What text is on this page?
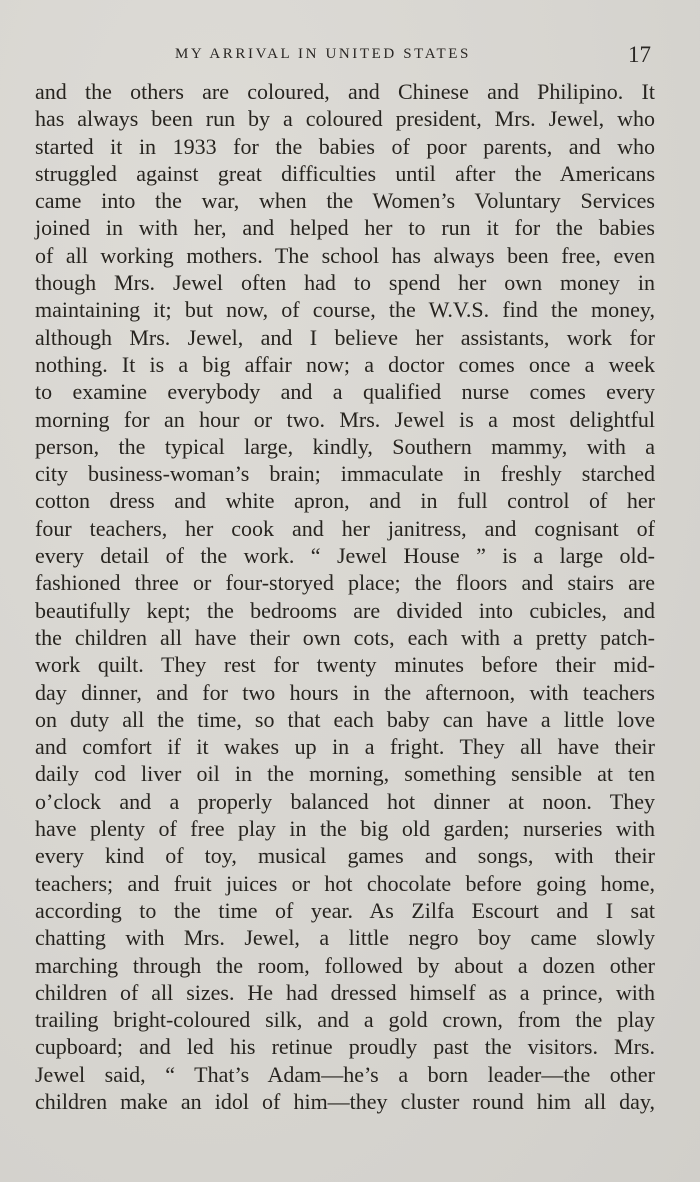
MY ARRIVAL IN UNITED STATES	17
and the others are coloured, and Chinese and Philipino. It
has always been run by a coloured president, Mrs. Jewel, who
started it in 1933 for the babies of poor parents, and who
struggled against great difficulties until after the Americans
came into the war, when the Women’s Voluntary Services
joined in with her, and helped her to run it for the babies
of all working mothers. The school has always been free, even
though Mrs. Jewel often had to spend her own money in
maintaining it; but now, of course, the W.V.S. find the money,
although Mrs. Jewel, and I believe her assistants, work for
nothing. It is a big affair now; a doctor comes once a week
to examine everybody and a qualified nurse comes every
morning for an hour or two. Mrs. Jewel is a most delightful
person, the typical large, kindly, Southern mammy, with a
city business-woman’s brain; immaculate in freshly starched
cotton dress and white apron, and in full control of her
four teachers, her cook and her janitress, and cognisant of
every detail of the work. “ Jewel House ” is a large old-
fashioned three or four-storyed place; the floors and stairs are
beautifully kept; the bedrooms are divided into cubicles, and
the children all have their own cots, each with a pretty patch-
work quilt. They rest for twenty minutes before their mid-
day dinner, and for two hours in the afternoon, with teachers
on duty all the time, so that each baby can have a little love
and comfort if it wakes up in a fright. They all have their
daily cod liver oil in the morning, something sensible at ten
o’clock and a properly balanced hot dinner at noon. They
have plenty of free play in the big old garden; nurseries with
every kind of toy, musical games and songs, with their
teachers; and fruit juices or hot chocolate before going home,
according to the time of year. As Zilfa Escourt and I sat
chatting with Mrs. Jewel, a little negro boy came slowly
marching through the room, followed by about a dozen other
children of all sizes. He had dressed himself as a prince, with
trailing bright-coloured silk, and a gold crown, from the play
cupboard; and led his retinue proudly past the visitors. Mrs.
Jewel said, “ That’s Adam—he’s a born leader—the other
children make an idol of him—they cluster round him all day,
